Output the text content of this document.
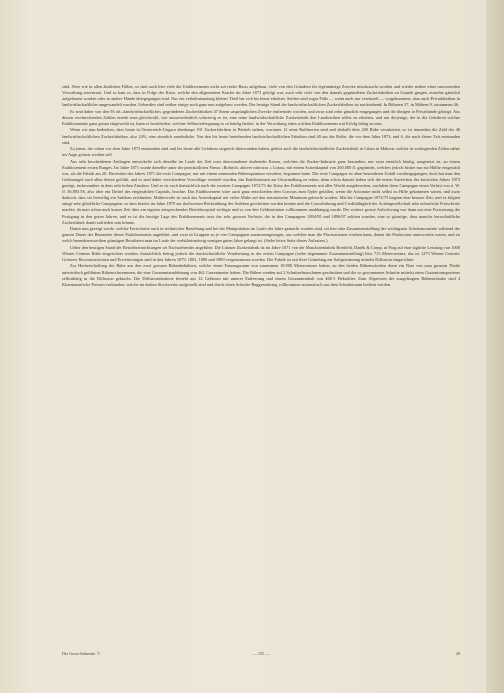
sind. Aber wie in allen ähnlichen Fällen, so sind auch hier viele der Etablissements nicht auf realer Basis aufgebaut, viele von den Gründern für eigennützige Zwecke missbraucht worden und wieder andere einer unwissenden Verwaltung anvertraut. Und so kam es, dass in Folge der Krise, welche den allgemeinen Krache im Jahre 1873 gefolgt war, auch sehr viele von den damals gegründeten Zuckerfabriken zu Grunde gingen, einzelne gänzlich aufgelassen wurden oder in andere Hände übergegangen sind. Nur ein verhältnismässig kleiner Theil hat sich bis heute erhalten. Seither sind sogar Fälle — wenn auch nur vereinzelt — vorgekommen, dass auch Privatfabriken in landwirthschaftliche umgewandelt wurden. Ueberdies sind seither einige auch ganz neu aufgebaut worden. Der heutige Stand der landwirthschaftlichen Zuckerfabriken ist nachstehend: In Böhmen 37, in Mähren 9, zusammen 46.

Es sind daher von den 93 als «landwirthschaftliche» gegründeten Zuckerfabriken 47 ihrem ursprünglichen Zwecke entfremdet worden, und zwar sind zehn gänzlich eingegangen und die übrigen in Privathände gelangt. Aus diesen erschreckenden Zahlen ersieht man gleichwohl, wie ausserordentlich schwierig es ist, eine reine landwirthschaftliche Zuckerfabrik den Landwirthen selbst zu erhalten, und nur derjenige, der in die Gebahren solcher Etablissements ganz genau eingeweiht ist, kann es beurtheilen, welcher Selbstverleugnung es so häufig bedarf, in der Verwaltung eines solchen Etablissements mit Erfolg thätig zu sein.

Wenn wir nun bedenken, dass heute in Oesterreich-Ungarn überhaupt 191 Zuckerfabriken in Betrieb stehen, worunter 12 reine Raffinerien sind und deshalb über 200 Rübe verarbeiten, so ist immerhin die Zahl der 46 landwirthschaftlichen Zuckerfabriken, also 24%, eine ziemlich ansehnliche. Von den bis heute bestehenden landwirthschaftlichen Fabriken sind 40 aus der Reihe, die vor dem Jahre 1873, und 6, die nach dieser Zeit entstanden sind.

Zu jenen, die schon vor dem Jahre 1873 entstanden sind und bis heute alle Gefahren siegreich überwunden haben, gehört auch die landwirthschaftliche Zuckerfabrik in Littau in Mähren, welche in vorliegenden Zeilen näher ins Auge gefasst werden soll.

Aus sehr bescheidenen Anfängen entwickelte sich dieselbe im Laufe der Zeit trotz überstandener drohender Krisen, welchen die Zucker-Industrie ganz besonders, nur zwar ziemlich häufig, ausgesetzt ist, zu einem Etablissement ersten Ranges. Im Jahre 1871 wurde dieselbe unter der protokollirten Firma: ›Rohrich‹ aktiver rubrozur « Littau« mit einem Actienkapital von 200.000 fl. gegründet, welches jedoch bisher nur zur Hälfte eingezahlt war, als die Fabrik am 20. December des Jahres 1871 die erste Campagne, nur mit einem minimalen Rübenquantum versehen, begonnen hatte. Die erste Campagne ist ohne besonderen Unfall vorübergegangen; doch hat man den Geldmangel nach allen Seiten gefühlt, und es sind daher verschiedene Vorschläge vereitelt worden, das Etablissement zur Umwandlung zu retten, denn schon damals haben sich die ersten Anzeichen des kritischen Jahres 1873 gezeigt, insbesondere in dem sehr hohen Zinsfuss. Und es ist auch thatsächlich nach der zweiten Campagne 1872/73 die Krise des Etablissements mit aller Wucht ausgebrochen, nachdem diese Campagne einen Verlust von ö. W. fl. 36.893.58, also über ein Drittel des eingezahlten Capitals, brachte. Das Etablissement wäre auch ganz entschieden dem Concurs zum Opfer gefallen, wenn die Actionäre nicht selbst zu Hilfe gekommen wären, und zwar dadurch, dass sie freiwillig ein Anlehen zeichneten. Mittlerweile ist auch das Actienkapital mit vieler Mühe auf den statutarische Minimum gebracht worden. Mit der Campagne 1874/75 begann eine bessere Zeit, und es folgten einige sehr glückliche Campagnen, so dass bereits im Jahre 1879 zur theilweisen Rückzahlung der Anlehen geschritten werden konnte und die Consolidirung und Creditfähigkeit der Actiengesellschaft sehr erfreuliche Fortschritte machte, da man schon nach kurzer Zeit über ein eigenes entsprechendes Betriebscapital verfügte und so von den Geldinstituten vollkommen unabhängig wurde. Der weitere grosse Aufschwung war dann nur eine Fortsetzung der Festigung in den guten Jahren, und es ist die heutige Lage des Etablissements trotz der sehr grossen Verluste, die in den Campagnen 1894/95 und 1896/97 erlitten wurden, eine so günstige, dass manche herrschaftliche Zuckerfabrik damit zufrieden sein könnte.

Damit nun gezeigt werde, welche Fortschritte auch in technischer Beziehung und bei der Manipulation im Laufe der Jahre gemacht worden sind, sei hier eine Zusammenstellung der wichtigsten Arbeitsmomente während der ganzen Dauer des Bestandes dieses Etablissements angeführt, und zwar in Gruppen zu je vier Campagnen zusammengezogen, aus welcher man die Fluctuationen ersehen kann, denen die Production unterworfen waren, und zu welch bemerkenswerthen günstigen Resultaten man im Laufe der verhältnismässig wenigen guten Jahre gelangt ist. (Siehe letzte Seite dieses Aufsatzes.)

Ueber den heutigen Stand der Betriebseinrichtungen sei Nachstehendes angeführt: Die Littauer Zuckerfabrik ist im Jahre 1871 von der Maschinenfabrik Breitfeld, Daněk & Comp. in Prag auf eine tägliche Leistung von 1000 Wiener Centner Rübe eingerichtet worden; thatsächlich betrug jedoch die durchschnittliche Verarbeitung in der ersten Campagne (siehe obgenannte Zusammenstellung) blos 715 Metercentner, das ist 1275 Wiener Centner. Grössere Reconstructionen und Erweiterungen sind in den Jahren 1879, 1882, 1886 und 1890 vorgenommen worden. Die Fabrik ist seit ihrer Gründung zur Saftgewinnung mittelst Diffusion eingerichtet.

Zur Herbeischaffung der Rübe aus den zwei grossen Rübenbehältern, welche einen Fassungsraum von zusammen 18.800 Metercentner haben, zu den beiden Rübenwäschen dient ein Netz von zum grossen Theile unterirdisch geführten Rübenschwemmen, die eine Gesammtausdehnung von 462 Currentmeter haben. Die Rüben werden auf 2 Schnitzelmaschinen geschnitten und die so gewonnenen Schnitte mittelst eines Gurtentransporteurs selbstthätig in die Diffusion gebracht. Die Diffusionsbatterie besteht aus 12 Gefässen mit unterer Entleerung und einem Gesammtinhalt von 468·5 Hektoliter. Zum Abpressen der ausgelaugten Rübenschnitte sind 4 Klusemann'sche Pressen vorhanden, welche im dritten Stockwerke aufgestellt sind und durch einen Schnitte-Baggerzubring vollkommen automatisch aus dem Schnitteraum bedient werden.

Die Gross-Industrie. V.	— 155 —	20
